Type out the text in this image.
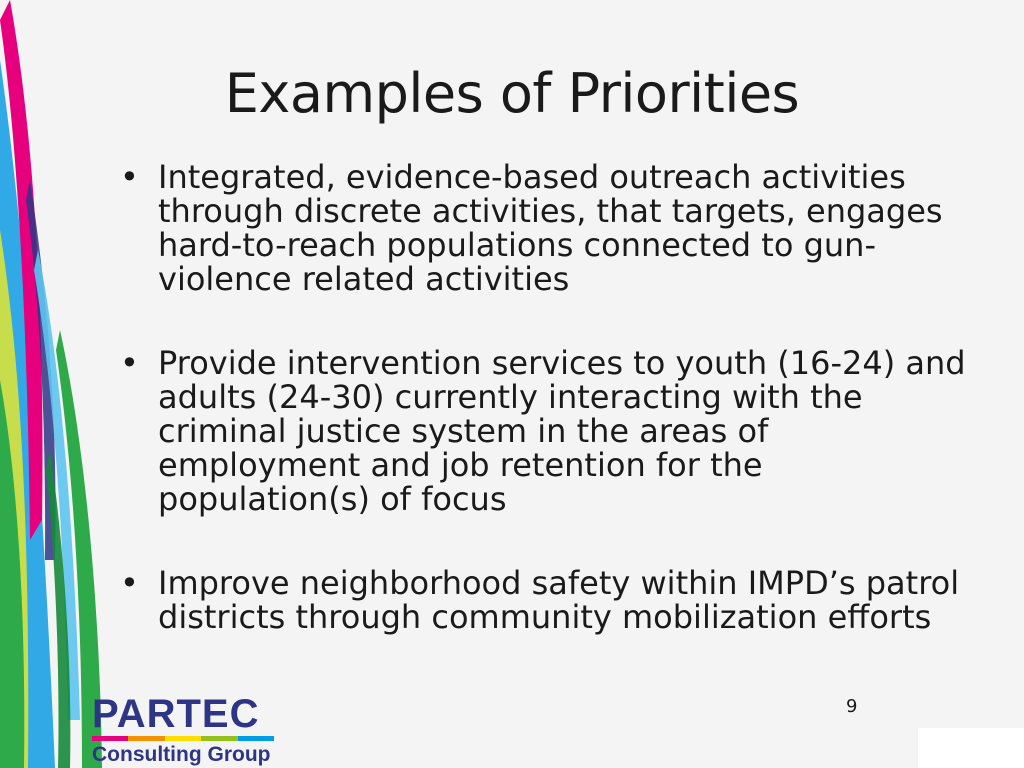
Examples of Priorities
• Integrated, evidence-based outreach activities through discrete activities, that targets, engages hard-to-reach populations connected to gun-violence related activities
• Provide intervention services to youth (16-24) and adults (24-30) currently interacting with the criminal justice system in the areas of employment and job retention for the population(s) of focus
• Improve neighborhood safety within IMPD’s patrol districts through community mobilization efforts
PARTEC
Consulting Group
9
